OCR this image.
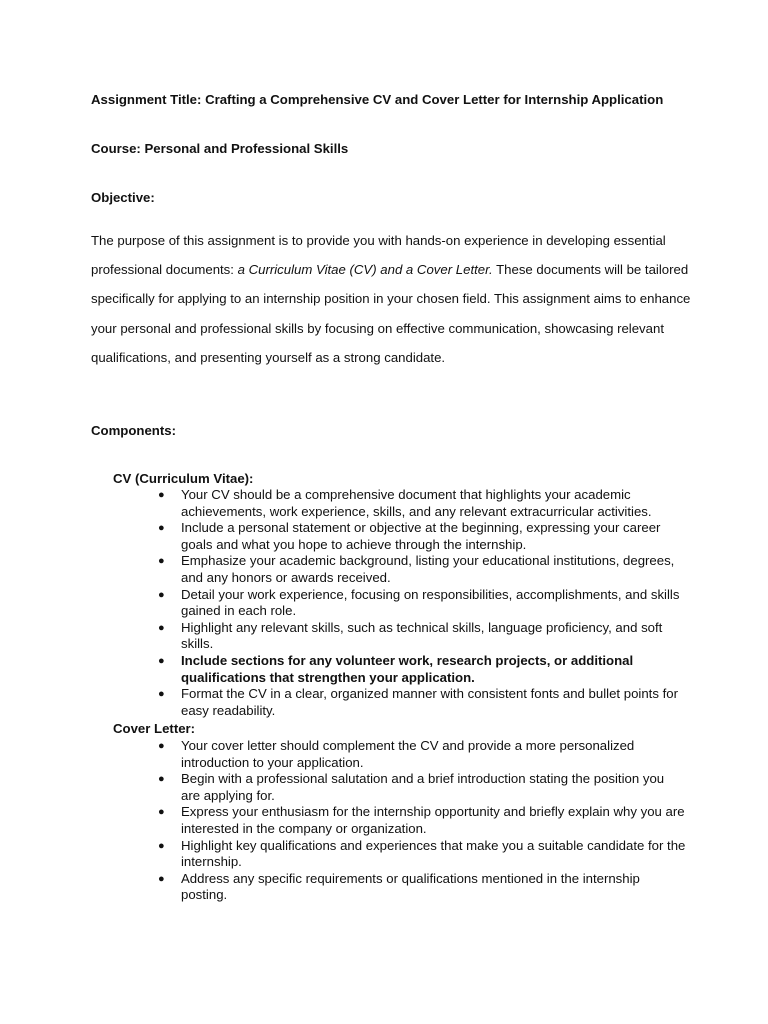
Assignment Title: Crafting a Comprehensive CV and Cover Letter for Internship Application
Course: Personal and Professional Skills
Objective:
The purpose of this assignment is to provide you with hands-on experience in developing essential professional documents: a Curriculum Vitae (CV) and a Cover Letter. These documents will be tailored specifically for applying to an internship position in your chosen field. This assignment aims to enhance your personal and professional skills by focusing on effective communication, showcasing relevant qualifications, and presenting yourself as a strong candidate.
Components:
CV (Curriculum Vitae):
● Your CV should be a comprehensive document that highlights your academic achievements, work experience, skills, and any relevant extracurricular activities.
● Include a personal statement or objective at the beginning, expressing your career goals and what you hope to achieve through the internship.
● Emphasize your academic background, listing your educational institutions, degrees, and any honors or awards received.
● Detail your work experience, focusing on responsibilities, accomplishments, and skills gained in each role.
● Highlight any relevant skills, such as technical skills, language proficiency, and soft skills.
● Include sections for any volunteer work, research projects, or additional qualifications that strengthen your application.
● Format the CV in a clear, organized manner with consistent fonts and bullet points for easy readability.
Cover Letter:
● Your cover letter should complement the CV and provide a more personalized introduction to your application.
● Begin with a professional salutation and a brief introduction stating the position you are applying for.
● Express your enthusiasm for the internship opportunity and briefly explain why you are interested in the company or organization.
● Highlight key qualifications and experiences that make you a suitable candidate for the internship.
● Address any specific requirements or qualifications mentioned in the internship posting.
